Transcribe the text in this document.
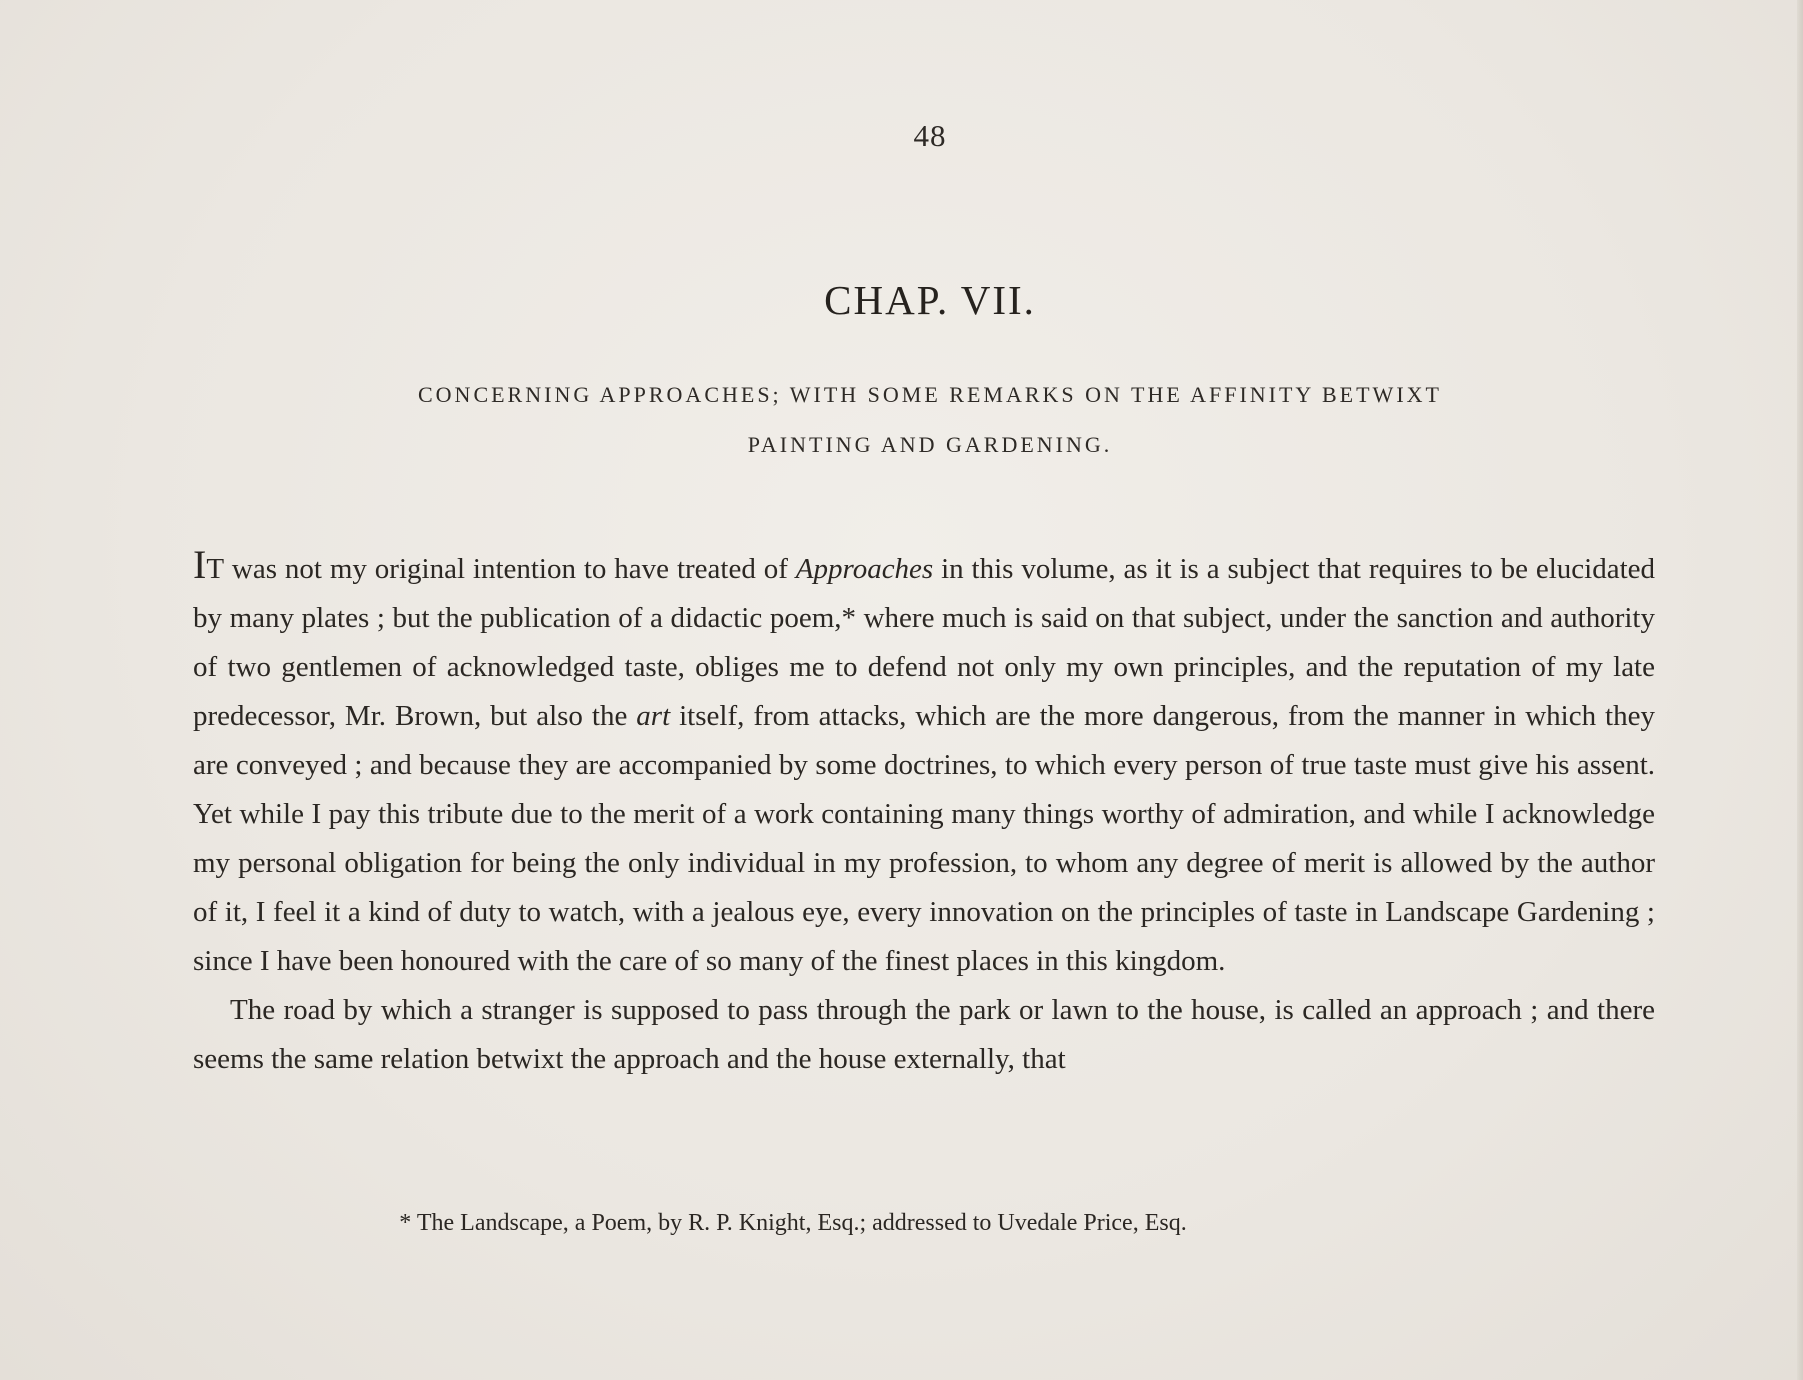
48
CHAP. VII.
CONCERNING APPROACHES; WITH SOME REMARKS ON THE AFFINITY BETWIXT
PAINTING AND GARDENING.

IT was not my original intention to have treated of Approaches in this volume, as it is a subject that requires to be elucidated by many plates ; but the publication of a didactic poem,* where much is said on that subject, under the sanction and authority of two gentlemen of acknowledged taste, obliges me to defend not only my own principles, and the reputation of my late predecessor, Mr. Brown, but also the art itself, from attacks, which are the more dangerous, from the manner in which they are conveyed ; and because they are accompanied by some doctrines, to which every person of true taste must give his assent. Yet while I pay this tribute due to the merit of a work containing many things worthy of admiration, and while I acknowledge my personal obligation for being the only individual in my profession, to whom any degree of merit is allowed by the author of it, I feel it a kind of duty to watch, with a jealous eye, every innovation on the principles of taste in Landscape Gardening ; since I have been honoured with the care of so many of the finest places in this kingdom.

The road by which a stranger is supposed to pass through the park or lawn to the house, is called an approach ; and there seems the same relation betwixt the approach and the house externally, that

* The Landscape, a Poem, by R. P. Knight, Esq.; addressed to Uvedale Price, Esq.
